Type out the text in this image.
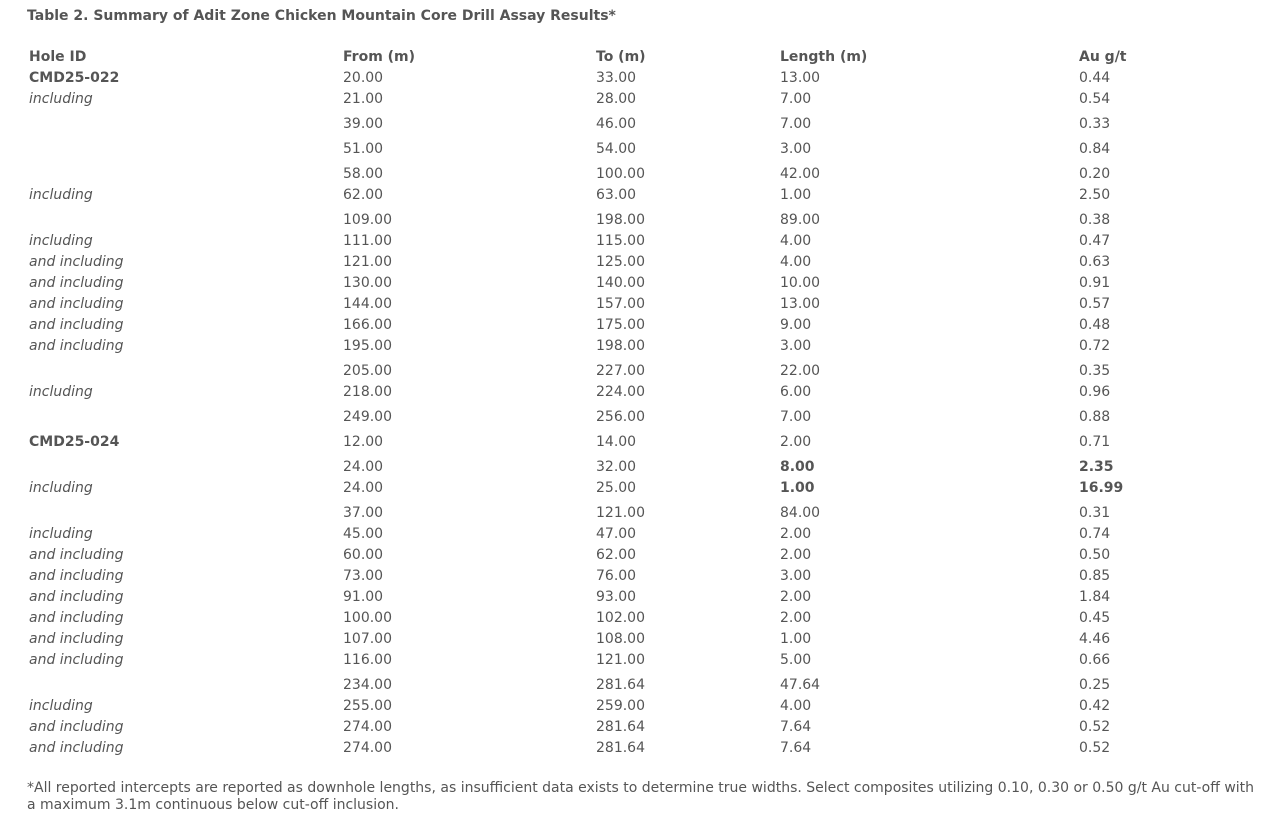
Table 2. Summary of Adit Zone Chicken Mountain Core Drill Assay Results*
Hole ID	From (m)	To (m)	Length (m)	Au g/t
CMD25-022	20.00	33.00	13.00	0.44
including	21.00	28.00	7.00	0.54
	39.00	46.00	7.00	0.33
	51.00	54.00	3.00	0.84
	58.00	100.00	42.00	0.20
including	62.00	63.00	1.00	2.50
	109.00	198.00	89.00	0.38
including	111.00	115.00	4.00	0.47
and including	121.00	125.00	4.00	0.63
and including	130.00	140.00	10.00	0.91
and including	144.00	157.00	13.00	0.57
and including	166.00	175.00	9.00	0.48
and including	195.00	198.00	3.00	0.72
	205.00	227.00	22.00	0.35
including	218.00	224.00	6.00	0.96
	249.00	256.00	7.00	0.88
CMD25-024	12.00	14.00	2.00	0.71
	24.00	32.00	8.00	2.35
including	24.00	25.00	1.00	16.99
	37.00	121.00	84.00	0.31
including	45.00	47.00	2.00	0.74
and including	60.00	62.00	2.00	0.50
and including	73.00	76.00	3.00	0.85
and including	91.00	93.00	2.00	1.84
and including	100.00	102.00	2.00	0.45
and including	107.00	108.00	1.00	4.46
and including	116.00	121.00	5.00	0.66
	234.00	281.64	47.64	0.25
including	255.00	259.00	4.00	0.42
and including	274.00	281.64	7.64	0.52
and including	274.00	281.64	7.64	0.52
*All reported intercepts are reported as downhole lengths, as insufficient data exists to determine true widths. Select composites utilizing 0.10, 0.30 or 0.50 g/t Au cut-off with a maximum 3.1m continuous below cut-off inclusion.
